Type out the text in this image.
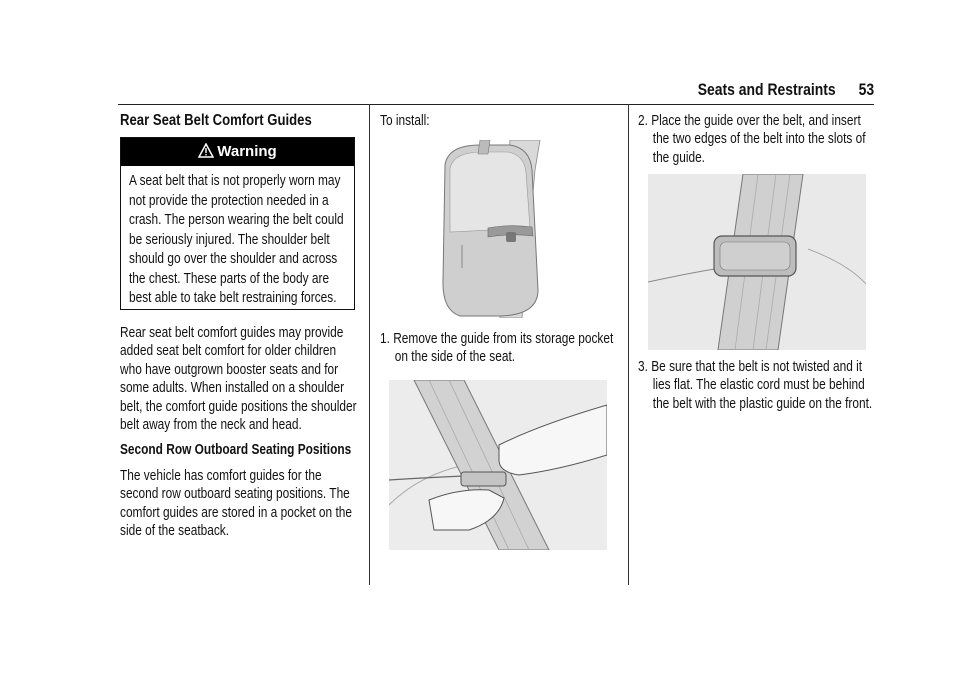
Seats and Restraints 53

Rear Seat Belt Comfort Guides

Warning
A seat belt that is not properly worn may not provide the protection needed in a crash. The person wearing the belt could be seriously injured. The shoulder belt should go over the shoulder and across the chest. These parts of the body are best able to take belt restraining forces.

Rear seat belt comfort guides may provide added seat belt comfort for older children who have outgrown booster seats and for some adults. When installed on a shoulder belt, the comfort guide positions the shoulder belt away from the neck and head.

Second Row Outboard Seating Positions

The vehicle has comfort guides for the second row outboard seating positions. The comfort guides are stored in a pocket on the side of the seatback.

To install:

1. Remove the guide from its storage pocket on the side of the seat.

2. Place the guide over the belt, and insert the two edges of the belt into the slots of the guide.

3. Be sure that the belt is not twisted and it lies flat. The elastic cord must be behind the belt with the plastic guide on the front.
